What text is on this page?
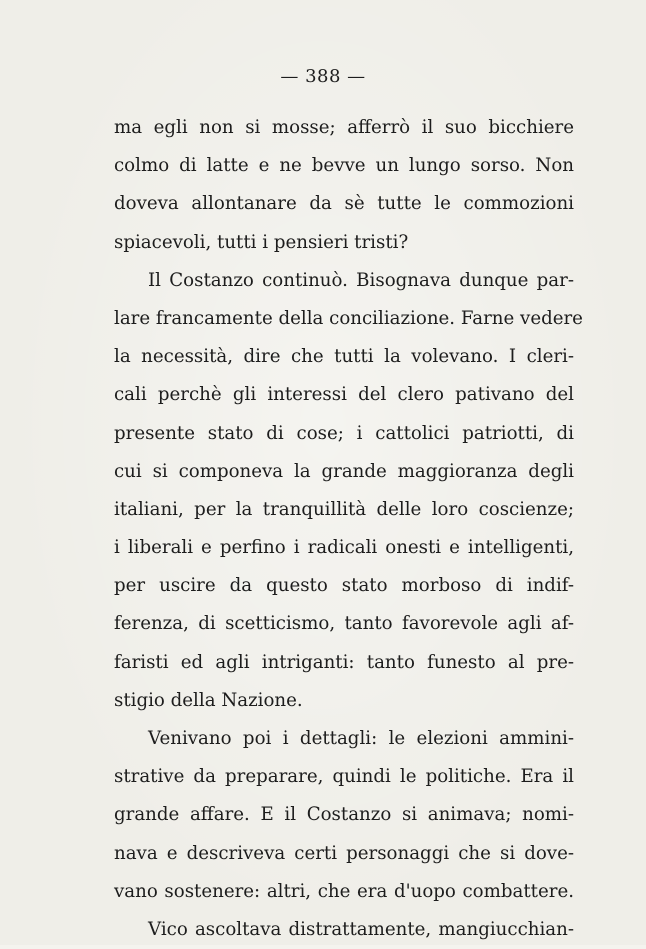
— 388 —
ma egli non si mosse; afferrò il suo bicchiere
colmo di latte e ne bevve un lungo sorso. Non
doveva allontanare da sè tutte le commozioni
spiacevoli, tutti i pensieri tristi?
Il Costanzo continuò. Bisognava dunque par-
lare francamente della conciliazione. Farne vedere
la necessità, dire che tutti la volevano. I cleri-
cali perchè gli interessi del clero pativano del
presente stato di cose; i cattolici patriotti, di
cui si componeva la grande maggioranza degli
italiani, per la tranquillità delle loro coscienze;
i liberali e perfino i radicali onesti e intelligenti,
per uscire da questo stato morboso di indif-
ferenza, di scetticismo, tanto favorevole agli af-
faristi ed agli intriganti: tanto funesto al pre-
stigio della Nazione.
Venivano poi i dettagli: le elezioni ammini-
strative da preparare, quindi le politiche. Era il
grande affare. E il Costanzo si animava; nomi-
nava e descriveva certi personaggi che si dove-
vano sostenere: altri, che era d'uopo combattere.
Vico ascoltava distrattamente, mangiucchian-
